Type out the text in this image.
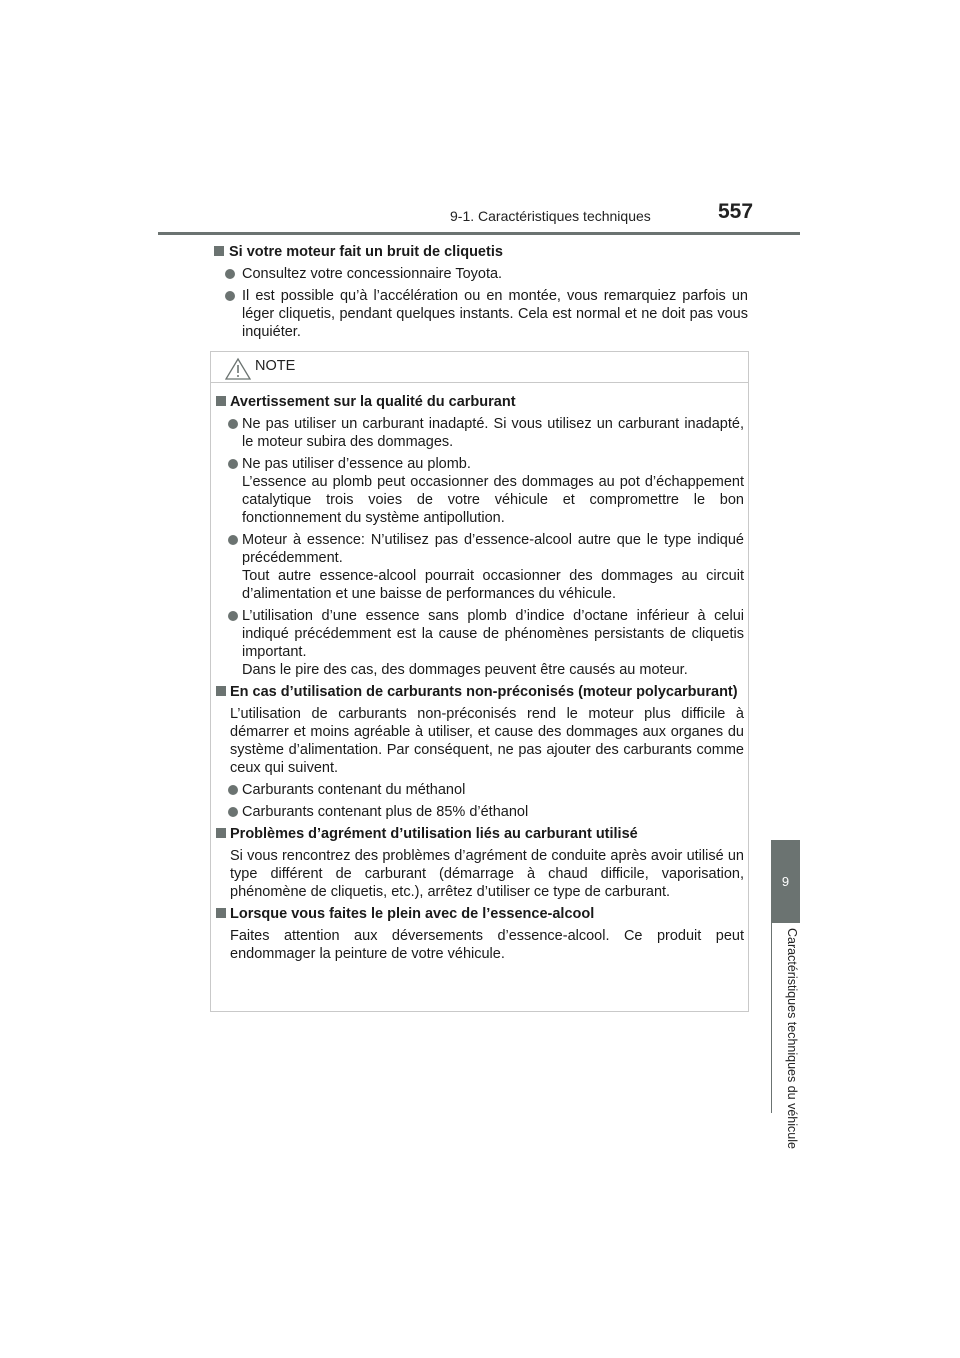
9-1. Caractéristiques techniques	557
9
Caractéristiques techniques du véhicule
Si votre moteur fait un bruit de cliquetis
Consultez votre concessionnaire Toyota.
Il est possible qu’à l’accélération ou en montée, vous remarquiez parfois un léger cliquetis, pendant quelques instants. Cela est normal et ne doit pas vous inquiéter.
NOTE
Avertissement sur la qualité du carburant
Ne pas utiliser un carburant inadapté. Si vous utilisez un carburant inadapté, le moteur subira des dommages.
Ne pas utiliser d’essence au plomb.
L’essence au plomb peut occasionner des dommages au pot d’échappement catalytique trois voies de votre véhicule et compromettre le bon fonctionnement du système antipollution.
Moteur à essence: N’utilisez pas d’essence-alcool autre que le type indiqué précédemment.
Tout autre essence-alcool pourrait occasionner des dommages au circuit d’alimentation et une baisse de performances du véhicule.
L’utilisation d’une essence sans plomb d’indice d’octane inférieur à celui indiqué précédemment est la cause de phénomènes persistants de cliquetis important.
Dans le pire des cas, des dommages peuvent être causés au moteur.
En cas d’utilisation de carburants non-préconisés (moteur polycarburant)
L’utilisation de carburants non-préconisés rend le moteur plus difficile à démarrer et moins agréable à utiliser, et cause des dommages aux organes du système d’alimentation. Par conséquent, ne pas ajouter des carburants comme ceux qui suivent.
Carburants contenant du méthanol
Carburants contenant plus de 85% d’éthanol
Problèmes d’agrément d’utilisation liés au carburant utilisé
Si vous rencontrez des problèmes d’agrément de conduite après avoir utilisé un type différent de carburant (démarrage à chaud difficile, vaporisation, phénomène de cliquetis, etc.), arrêtez d’utiliser ce type de carburant.
Lorsque vous faites le plein avec de l’essence-alcool
Faites attention aux déversements d’essence-alcool. Ce produit peut endommager la peinture de votre véhicule.
